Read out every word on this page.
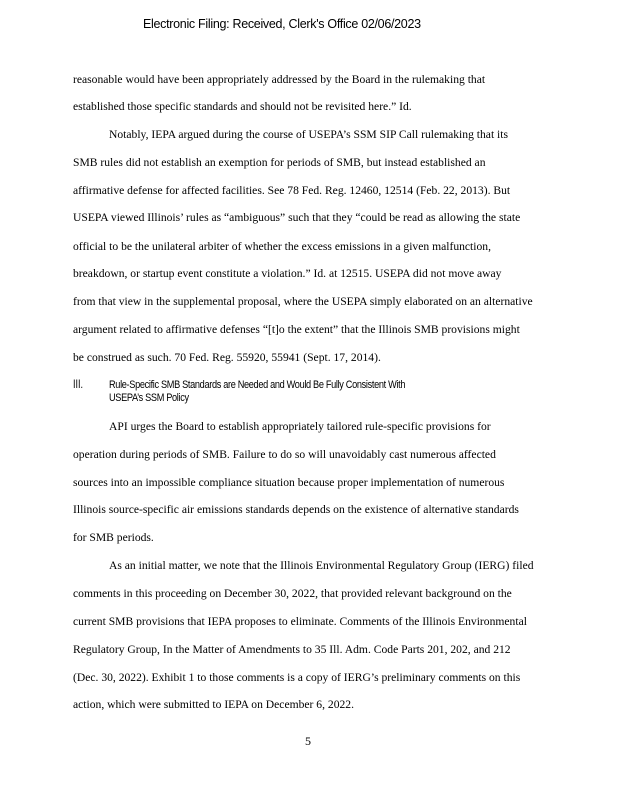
Electronic Filing: Received, Clerk's Office 02/06/2023
reasonable would have been appropriately addressed by the Board in the rulemaking that
established those specific standards and should not be revisited here.” Id.
Notably, IEPA argued during the course of USEPA’s SSM SIP Call rulemaking that its
SMB rules did not establish an exemption for periods of SMB, but instead established an
affirmative defense for affected facilities. See 78 Fed. Reg. 12460, 12514 (Feb. 22, 2013). But
USEPA viewed Illinois’ rules as “ambiguous” such that they “could be read as allowing the state
official to be the unilateral arbiter of whether the excess emissions in a given malfunction,
breakdown, or startup event constitute a violation.” Id. at 12515. USEPA did not move away
from that view in the supplemental proposal, where the USEPA simply elaborated on an alternative
argument related to affirmative defenses “[t]o the extent” that the Illinois SMB provisions might
be construed as such. 70 Fed. Reg. 55920, 55941 (Sept. 17, 2014).
III. Rule-Specific SMB Standards are Needed and Would Be Fully Consistent With
USEPA’s SSM Policy
API urges the Board to establish appropriately tailored rule-specific provisions for
operation during periods of SMB. Failure to do so will unavoidably cast numerous affected
sources into an impossible compliance situation because proper implementation of numerous
Illinois source-specific air emissions standards depends on the existence of alternative standards
for SMB periods.
As an initial matter, we note that the Illinois Environmental Regulatory Group (IERG) filed
comments in this proceeding on December 30, 2022, that provided relevant background on the
current SMB provisions that IEPA proposes to eliminate. Comments of the Illinois Environmental
Regulatory Group, In the Matter of Amendments to 35 Ill. Adm. Code Parts 201, 202, and 212
(Dec. 30, 2022). Exhibit 1 to those comments is a copy of IERG’s preliminary comments on this
action, which were submitted to IEPA on December 6, 2022.
5
